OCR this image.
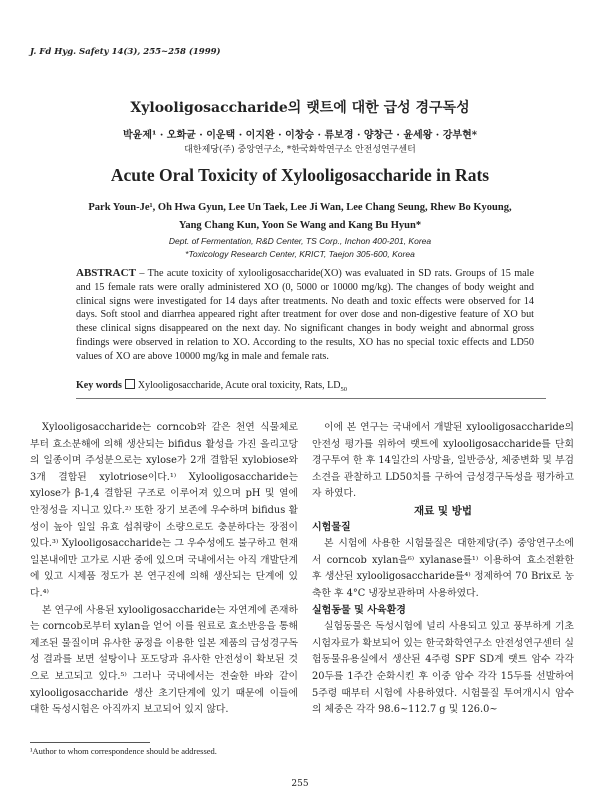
J. Fd Hyg. Safety 14(3), 255~258 (1999)
Xylooligosaccharide의 랫트에 대한 급성 경구독성
박윤제¹ · 오화균 · 이운택 · 이지완 · 이창승 · 류보경 · 양창근 · 윤세왕 · 강부현*
대한제당(주) 중앙연구소, *한국화학연구소 안전성연구센터
Acute Oral Toxicity of Xylooligosaccharide in Rats
Park Youn-Je¹, Oh Hwa Gyun, Lee Un Taek, Lee Ji Wan, Lee Chang Seung, Rhew Bo Kyoung,
Yang Chang Kun, Yoon Se Wang and Kang Bu Hyun*
Dept. of Fermentation, R&D Center, TS Corp., Inchon 400-201, Korea
*Toxicology Research Center, KRICT, Taejon 305-600, Korea
ABSTRACT – The acute toxicity of xylooligosaccharide(XO) was evaluated in SD rats. Groups of 15 male and 15 female rats were orally administered XO (0, 5000 or 10000 mg/kg). The changes of body weight and clinical signs were investigated for 14 days after treatments. No death and toxic effects were observed for 14 days. Soft stool and diarrhea appeared right after treatment for over dose and non-digestive feature of XO but these clinical signs disappeared on the next day. No significant changes in body weight and abnormal gross findings were observed in relation to XO. According to the results, XO has no special toxic effects and LD50 values of XO are above 10000 mg/kg in male and female rats.
Key words Xylooligosaccharide, Acute oral toxicity, Rats, $LD_{50}$

Xylooligosaccharide는 corncob와 같은 천연 식물체로부터 효소분해에 의해 생산되는 bifidus 활성을 가진 올리고당의 일종이며 주성분으로는 xylose가 2개 결합된 xylobiose와 3개 결합된 xylotriose이다.¹⁾ Xylooligosaccharide는 xylose가 β-1,4 결합된 구조로 이루어져 있으며 pH 및 열에 안정성을 지니고 있다.²⁾ 또한 장기 보존에 우수하며 bifidus 활성이 높아 일일 유효 섭취량이 소량으로도 충분하다는 장점이 있다.³⁾ Xylooligosaccharide는 그 우수성에도 불구하고 현재 일본내에만 고가로 시판 중에 있으며 국내에서는 아직 개발단계에 있고 시제품 정도가 본 연구진에 의해 생산되는 단계에 있다.⁴⁾

본 연구에 사용된 xylooligosaccharide는 자연계에 존재하는 corncob로부터 xylan을 얻어 이를 원료로 효소반응을 통해 제조된 물질이며 유사한 공정을 이용한 일본 제품의 급성경구독성 결과를 보면 설탕이나 포도당과 유사한 안전성이 확보된 것으로 보고되고 있다.⁵⁾ 그러나 국내에서는 전술한 바와 같이 xylooligosaccharide 생산 초기단계에 있기 때문에 이들에 대한 독성시험은 아직까지 보고되어 있지 않다.

이에 본 연구는 국내에서 개발된 xylooligosaccharide의 안전성 평가를 위하여 랫트에 xylooligosaccharide를 단회 경구투여 한 후 14일간의 사망율, 일반증상, 체중변화 및 부검소견을 관찰하고 LD50치를 구하여 급성경구독성을 평가하고자 하였다.

재료 및 방법

시험물질

본 시험에 사용한 시험물질은 대한제당(주) 중앙연구소에서 corncob xylan을⁶⁾ xylanase를¹⁾ 이용하여 효소전환한 후 생산된 xylooligosaccharide를⁴⁾ 정제하여 70 Brix로 농축한 후 4°C 냉장보관하며 사용하였다.

실험동물 및 사육환경

실험동물은 독성시험에 널리 사용되고 있고 풍부하게 기초시험자료가 확보되어 있는 한국화학연구소 안전성연구센터 실험동물유용실에서 생산된 4주령 SPF SD계 랫트 암수 각각 20두를 1주간 순화시킨 후 이중 암수 각각 15두를 선발하여 5주령 때부터 시험에 사용하였다. 시험물질 투여개시시 암수의 체중은 각각 98.6~112.7 g 및 126.0~

¹Author to whom correspondence should be addressed.
255
